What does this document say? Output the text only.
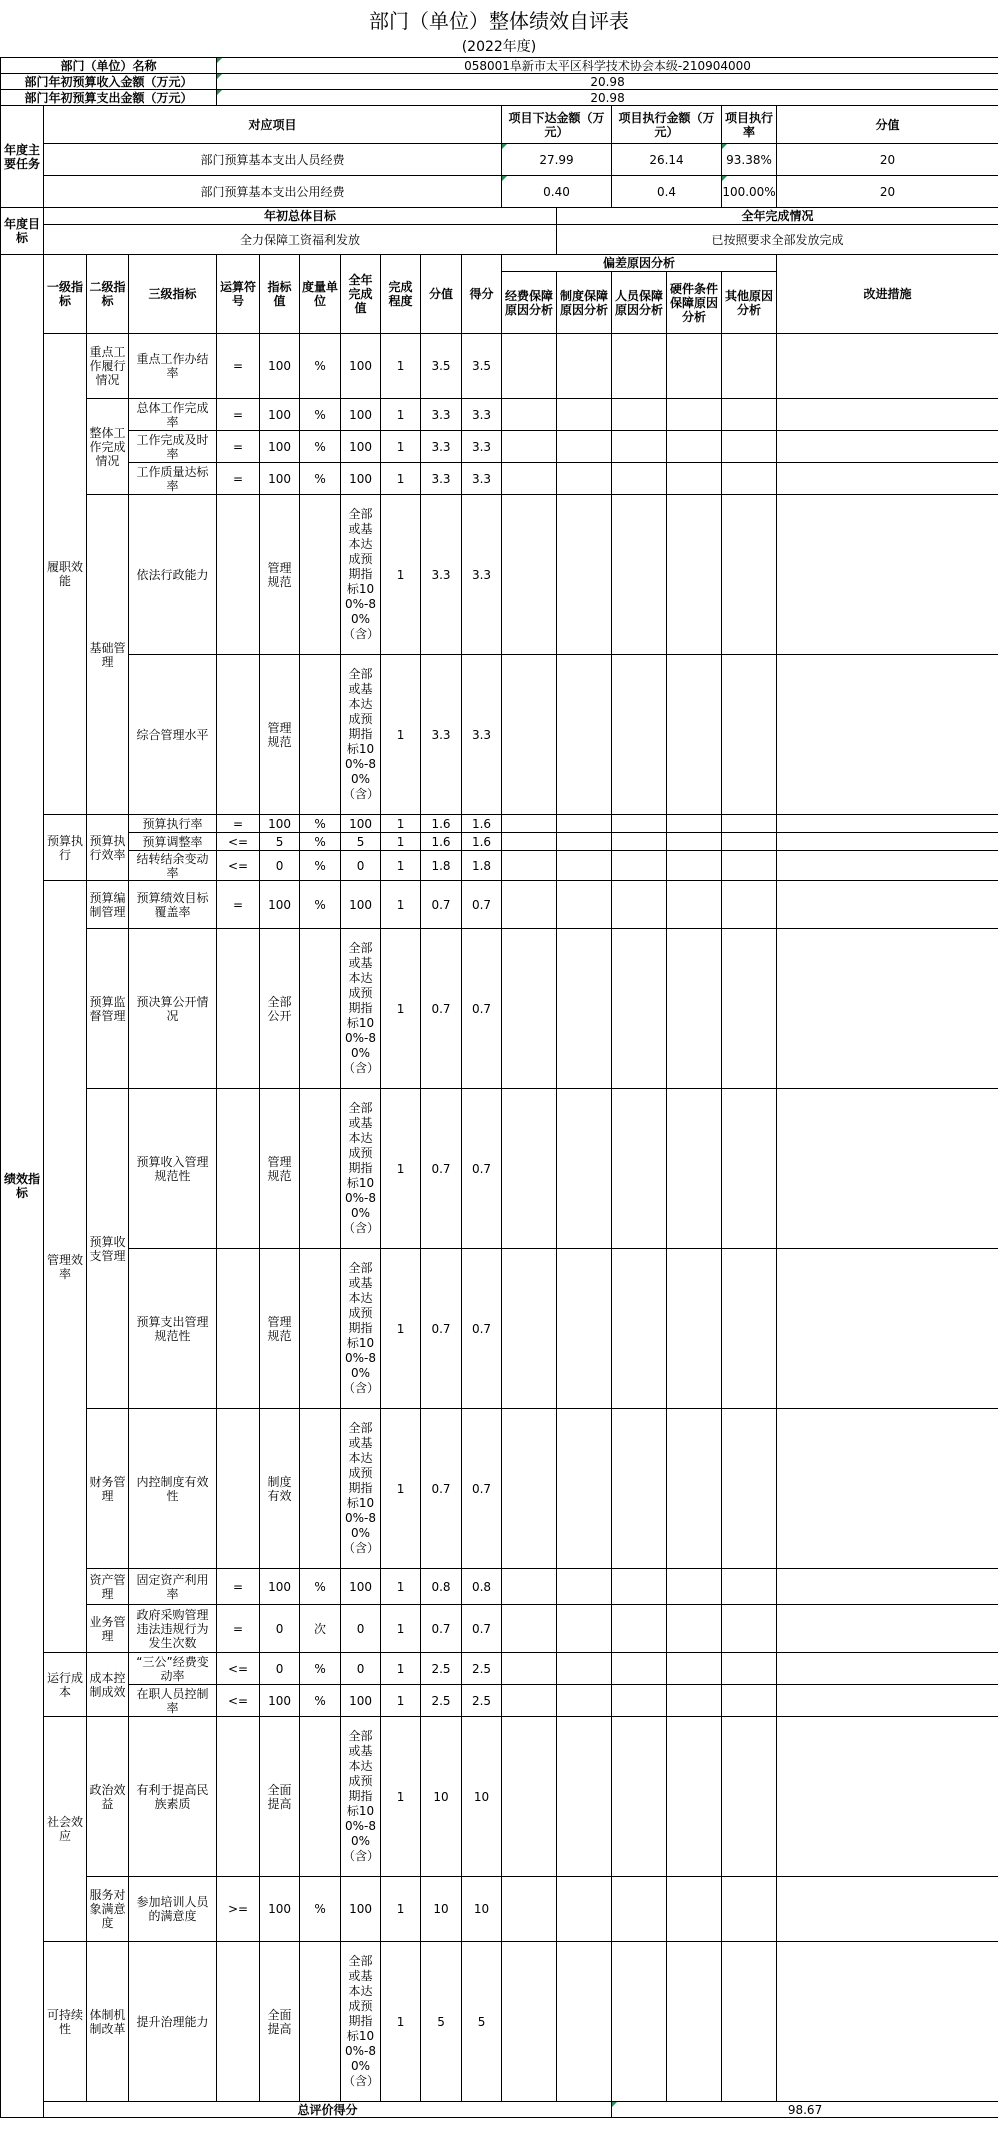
部门（单位）整体绩效自评表
(2022年度)
部门（单位）名称				058001阜新市太平区科学技术协会本级-210904000												
部门年初预算收入金额（万元）				20.98												
部门年初预算支出金额（万元）				20.98												
年度主要任务	对应项目										项目下达金额（万元）		项目执行金额（万元）		项目执行率	分值
	部门预算基本支出人员经费										27.99		26.14		93.38%	20
	部门预算基本支出公用经费										0.40		0.4		100.00%	20
年度目标	年初总体目标											全年完成情况				
	全力保障工资福利发放											已按照要求全部发放完成				
绩效指标	一级指标	二级指标	三级指标	运算符号	指标值	度量单位	全年完成值	完成程度	分值	得分	偏差原因分析					改进措施
											经费保障原因分析	制度保障原因分析	人员保障原因分析	硬件条件保障原因分析	其他原因分析	
	履职效能	重点工作履行情况	重点工作办结率	=	100	%	100	1	3.5	3.5						
		整体工作完成情况	总体工作完成率	=	100	%	100	1	3.3	3.3						
			工作完成及时率	=	100	%	100	1	3.3	3.3						
			工作质量达标率	=	100	%	100	1	3.3	3.3						
		基础管理	依法行政能力		管理规范		全部或基本达成预期指标100%-80%（含）	1	3.3	3.3						
			综合管理水平		管理规范		全部或基本达成预期指标100%-80%（含）	1	3.3	3.3						
	预算执行	预算执行效率	预算执行率	=	100	%	100	1	1.6	1.6						
			预算调整率	<=	5	%	5	1	1.6	1.6						
			结转结余变动率	<=	0	%	0	1	1.8	1.8						
	管理效率	预算编制管理	预算绩效目标覆盖率	=	100	%	100	1	0.7	0.7						
		预算监督管理	预决算公开情况		全部公开		全部或基本达成预期指标100%-80%（含）	1	0.7	0.7						
		预算收支管理	预算收入管理规范性		管理规范		全部或基本达成预期指标100%-80%（含）	1	0.7	0.7						
			预算支出管理规范性		管理规范		全部或基本达成预期指标100%-80%（含）	1	0.7	0.7						
		财务管理	内控制度有效性		制度有效		全部或基本达成预期指标100%-80%（含）	1	0.7	0.7						
		资产管理	固定资产利用率	=	100	%	100	1	0.8	0.8						
		业务管理	政府采购管理违法违规行为发生次数	=	0	次	0	1	0.7	0.7						
	运行成本	成本控制成效	“三公”经费变动率	<=	0	%	0	1	2.5	2.5						
			在职人员控制率	<=	100	%	100	1	2.5	2.5						
	社会效应	政治效益	有利于提高民族素质		全面提高		全部或基本达成预期指标100%-80%（含）	1	10	10						
		服务对象满意度	参加培训人员的满意度	>=	100	%	100	1	10	10						
	可持续性	体制机制改革	提升治理能力		全面提高		全部或基本达成预期指标100%-80%（含）	1	5	5						
	总评价得分												98.67			
